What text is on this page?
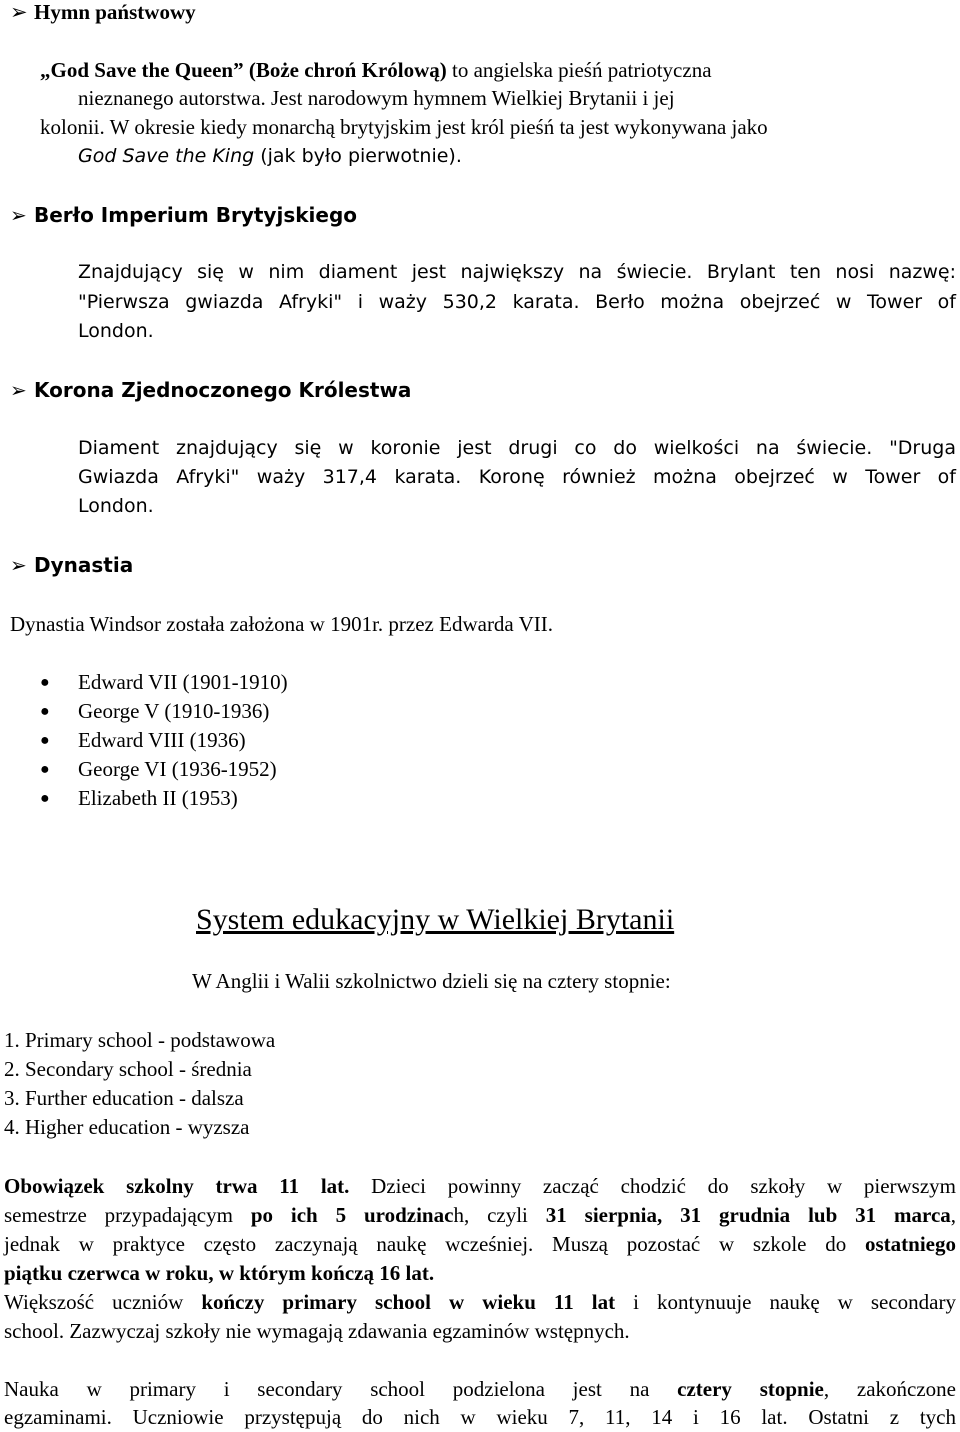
➢ Hymn państwowy
„God Save the Queen” (Boże chroń Królową) to angielska pieśń patriotyczna
nieznanego autorstwa. Jest narodowym hymnem Wielkiej Brytanii i jej
kolonii. W okresie kiedy monarchą brytyjskim jest król pieśń ta jest wykonywana jako
God Save the King (jak było pierwotnie).
➢ Berło Imperium Brytyjskiego
Znajdujący się w nim diament jest największy na świecie. Brylant ten nosi nazwę:
"Pierwsza gwiazda Afryki" i waży 530,2 karata. Berło można obejrzeć w Tower of
London.
➢ Korona Zjednoczonego Królestwa
Diament znajdujący się w koronie jest drugi co do wielkości na świecie. "Druga
Gwiazda Afryki" waży 317,4 karata. Koronę również można obejrzeć w Tower of
London.
➢ Dynastia
Dynastia Windsor została założona w 1901r. przez Edwarda VII.
● Edward VII (1901-1910)
● George V (1910-1936)
● Edward VIII (1936)
● George VI (1936-1952)
● Elizabeth II (1953)
System edukacyjny w Wielkiej Brytanii
W Anglii i Walii szkolnictwo dzieli się na cztery stopnie:
1. Primary school - podstawowa
2. Secondary school - średnia
3. Further education - dalsza
4. Higher education - wyzsza
Obowiązek szkolny trwa 11 lat. Dzieci powinny zacząć chodzić do szkoły w pierwszym
semestrze przypadającym po ich 5 urodzinach, czyli 31 sierpnia, 31 grudnia lub 31 marca,
jednak w praktyce często zaczynają naukę wcześniej. Muszą pozostać w szkole do ostatniego
piątku czerwca w roku, w którym kończą 16 lat.
Większość uczniów kończy primary school w wieku 11 lat i kontynuuje naukę w secondary
school. Zazwyczaj szkoły nie wymagają zdawania egzaminów wstępnych.
Nauka w primary i secondary school podzielona jest na cztery stopnie, zakończone
egzaminami. Uczniowie przystępują do nich w wieku 7, 11, 14 i 16 lat. Ostatni z tych
